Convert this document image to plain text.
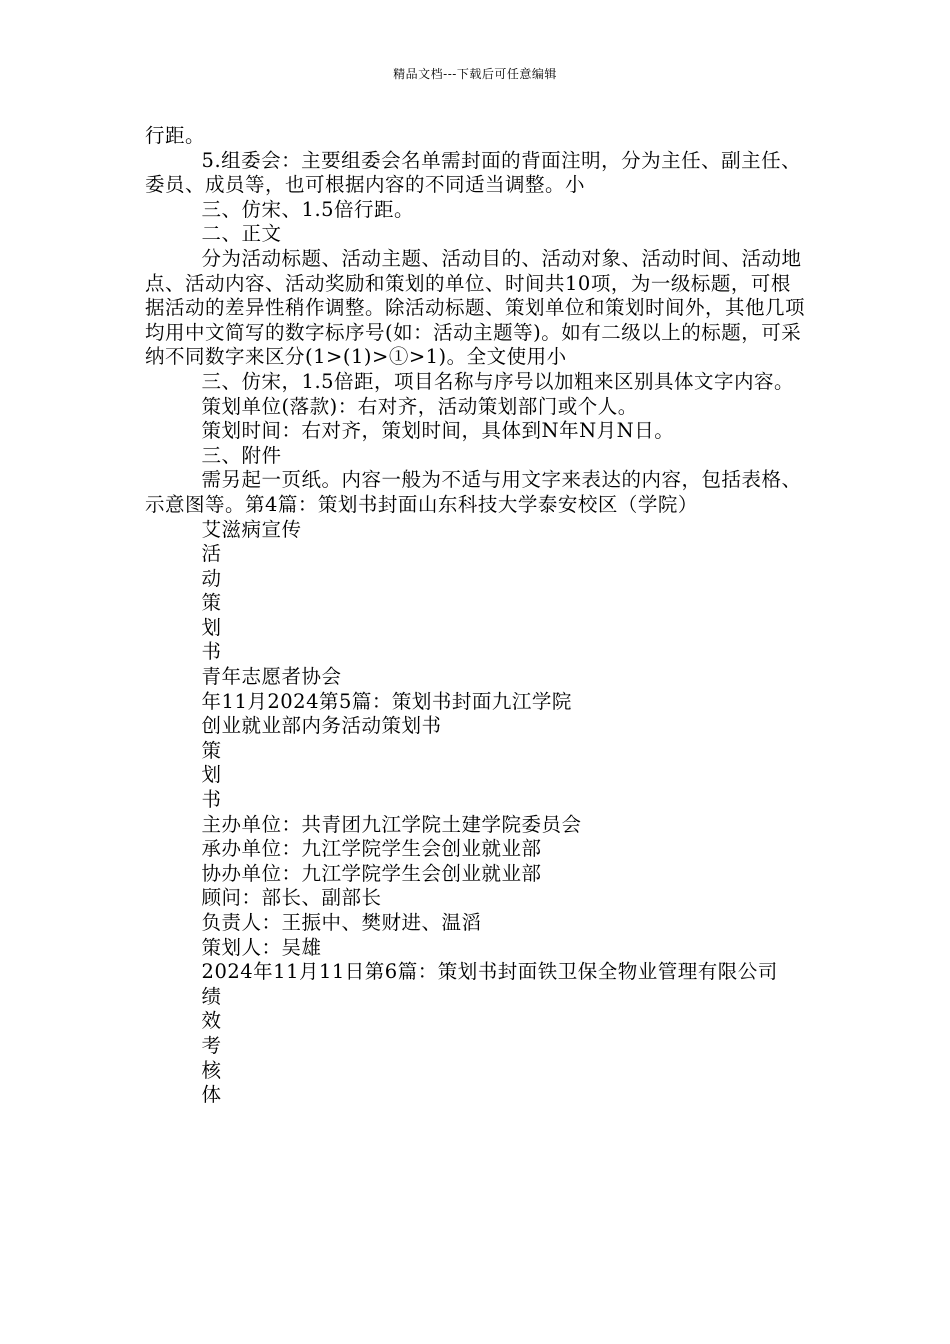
精品文档---下载后可任意编辑

行距。

5.组委会：主要组委会名单需封面的背面注明，分为主任、副主任、委员、成员等，也可根据内容的不同适当调整。小

三、仿宋、1.5倍行距。

二、正文

分为活动标题、活动主题、活动目的、活动对象、活动时间、活动地点、活动内容、活动奖励和策划的单位、时间共10项，为一级标题，可根据活动的差异性稍作调整。除活动标题、策划单位和策划时间外，其他几项均用中文简写的数字标序号(如：活动主题等)。如有二级以上的标题，可采纳不同数字来区分(1>(1)>①>1)。全文使用小

三、仿宋，1.5倍距，项目名称与序号以加粗来区别具体文字内容。

策划单位(落款)：右对齐，活动策划部门或个人。

策划时间：右对齐，策划时间，具体到N年N月N日。

三、附件

需另起一页纸。内容一般为不适与用文字来表达的内容，包括表格、示意图等。第4篇：策划书封面山东科技大学泰安校区（学院）

艾滋病宣传

活

动

策

划

书

青年志愿者协会

年11月2024第5篇：策划书封面九江学院

创业就业部内务活动策划书

策

划

书

主办单位：共青团九江学院土建学院委员会

承办单位：九江学院学生会创业就业部

协办单位：九江学院学生会创业就业部

顾问：部长、副部长

负责人：王振中、樊财进、温滔

策划人：吴雄

2024年11月11日第6篇：策划书封面铁卫保全物业管理有限公司

绩

效

考

核

体
